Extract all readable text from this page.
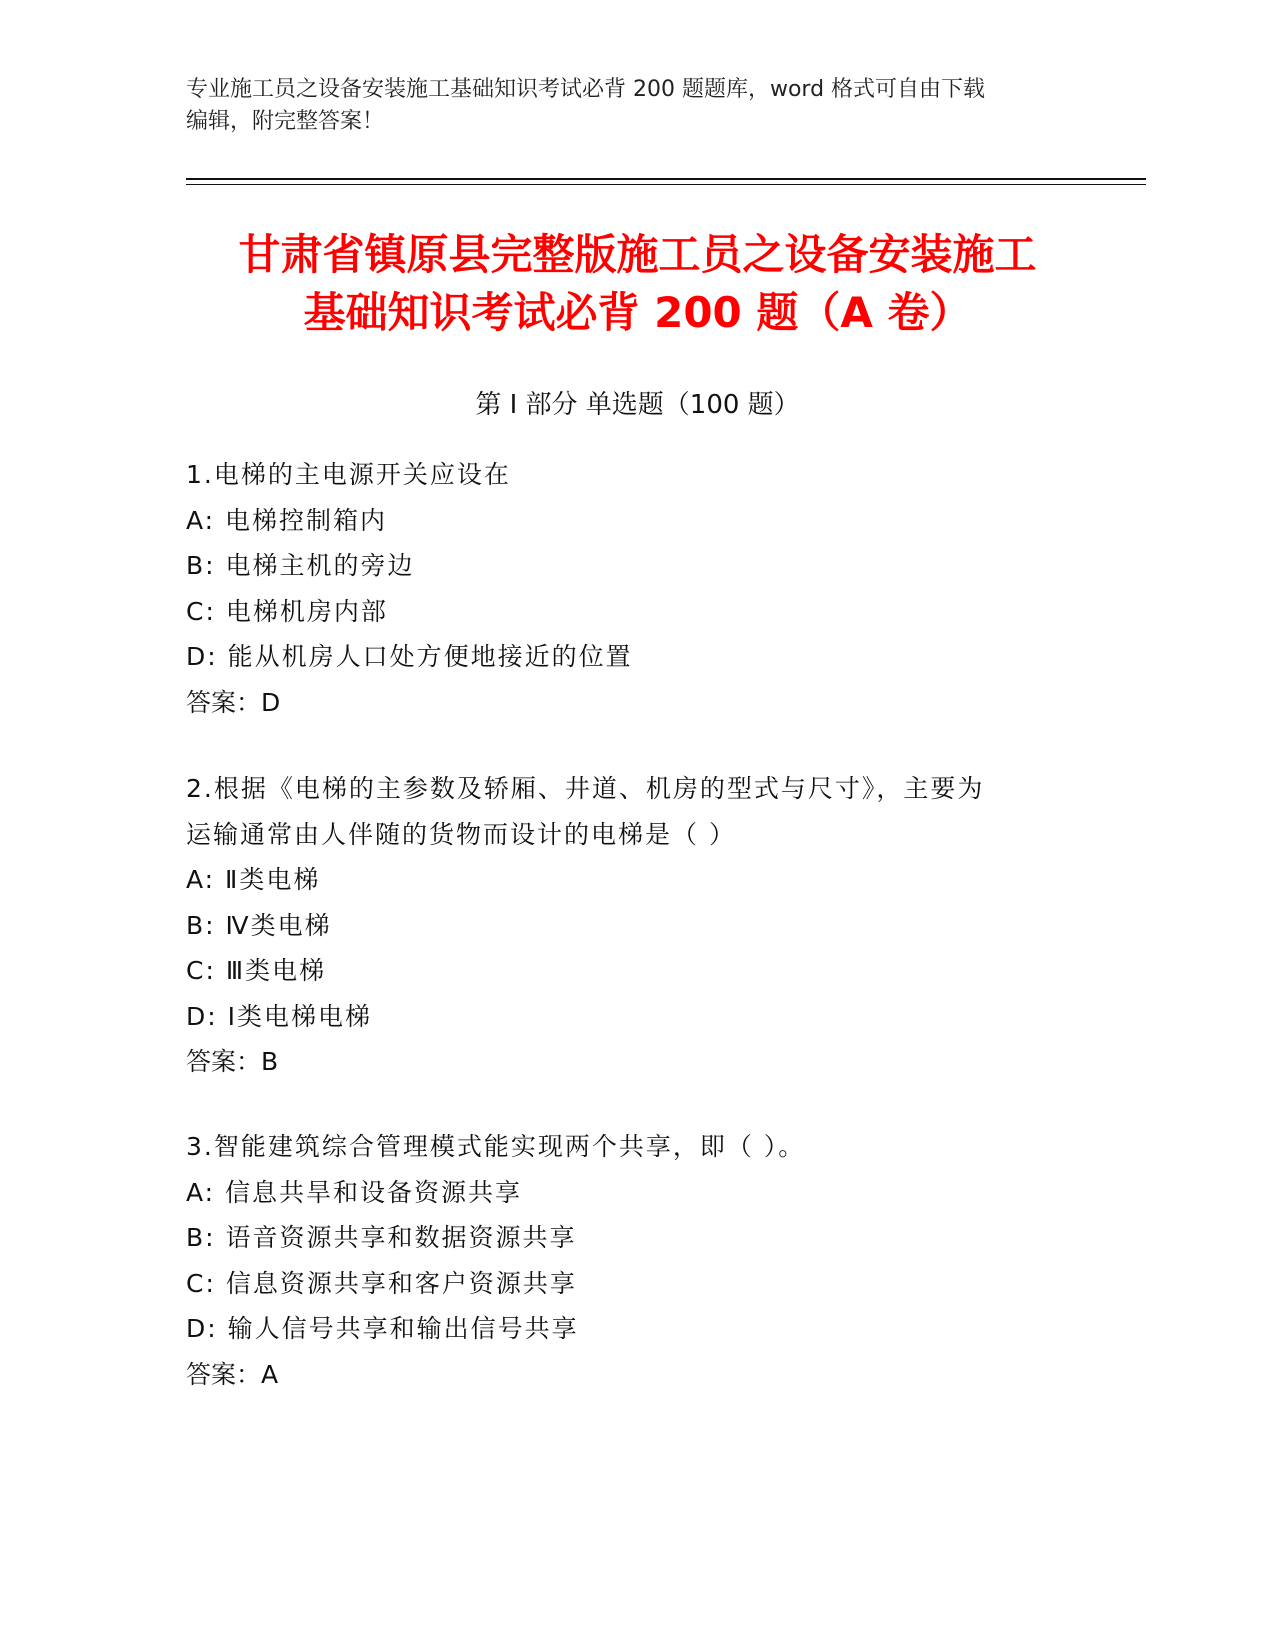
专业施工员之设备安装施工基础知识考试必背 200 题题库，word 格式可自由下载
编辑，附完整答案！
甘肃省镇原县完整版施工员之设备安装施工
基础知识考试必背 200 题（A 卷）
第 I 部分 单选题（100 题）
1.电梯的主电源开关应设在
A: 电梯控制箱内
B: 电梯主机的旁边
C: 电梯机房内部
D: 能从机房人口处方便地接近的位置
答案：D
2.根据《电梯的主参数及轿厢、井道、机房的型式与尺寸》，主要为
运输通常由人伴随的货物而设计的电梯是（ ）
A: Ⅱ类电梯
B: Ⅳ类电梯
C: Ⅲ类电梯
D: Ⅰ类电梯电梯
答案：B
3.智能建筑综合管理模式能实现两个共享，即（ ）。
A: 信息共旱和设备资源共享
B: 语音资源共享和数据资源共享
C: 信息资源共享和客户资源共享
D: 输人信号共享和输出信号共享
答案：A
